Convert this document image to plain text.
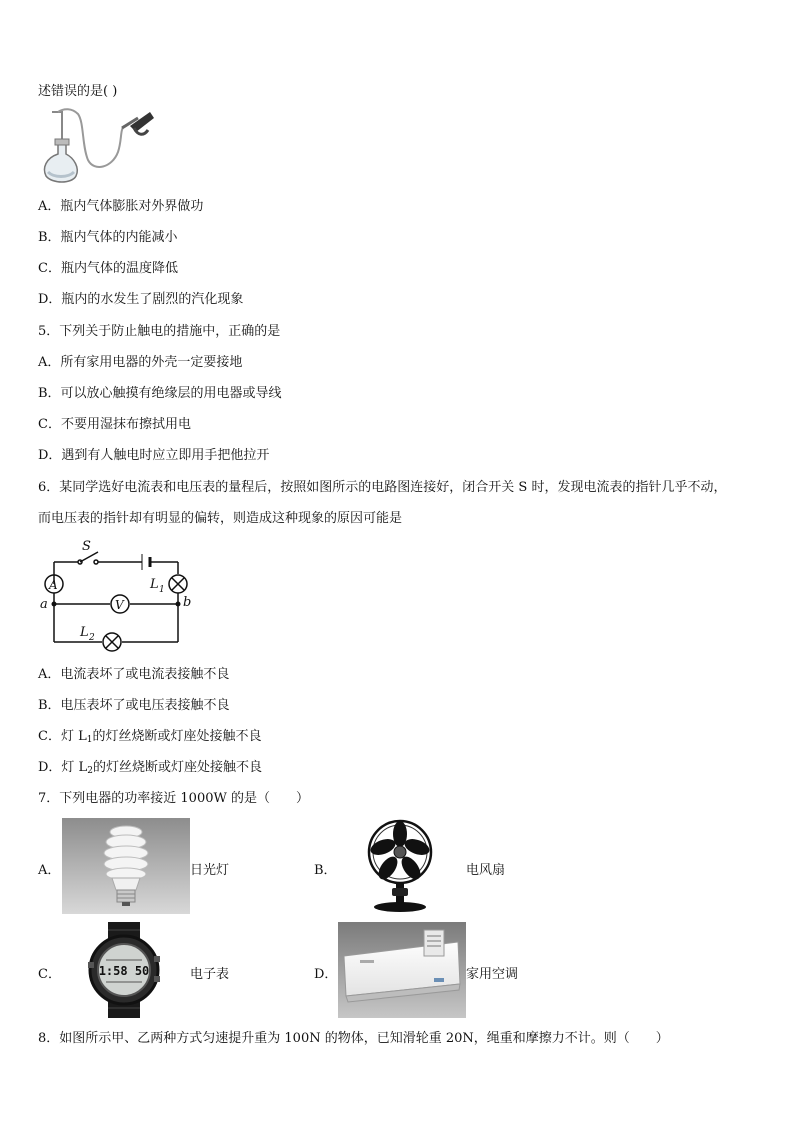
述错误的是( )
A．瓶内气体膨胀对外界做功
B．瓶内气体的内能减小
C．瓶内气体的温度降低
D．瓶内的水发生了剧烈的汽化现象
5．下列关于防止触电的措施中，正确的是
A．所有家用电器的外壳一定要接地
B．可以放心触摸有绝缘层的用电器或导线
C．不要用湿抹布擦拭用电
D．遇到有人触电时应立即用手把他拉开
6．某同学选好电流表和电压表的量程后，按照如图所示的电路图连接好，闭合开关 S 时，发现电流表的指针几乎不动，
而电压表的指针却有明显的偏转，则造成这种现象的原因可能是
S
A
V
L 1
L 2
a	b
A．电流表坏了或电流表接触不良
B．电压表坏了或电压表接触不良
C．灯 $L_1$的灯丝烧断或灯座处接触不良
D．灯 $L_2$的灯丝烧断或灯座处接触不良
7．下列电器的功率接近 1000W 的是（　　）
A．	日光灯	B．	电风扇
C．	1:58 50	电子表	D．	家用空调
8．如图所示甲、乙两种方式匀速提升重为 100N 的物体，已知滑轮重 20N，绳重和摩擦力不计。则（　　）
